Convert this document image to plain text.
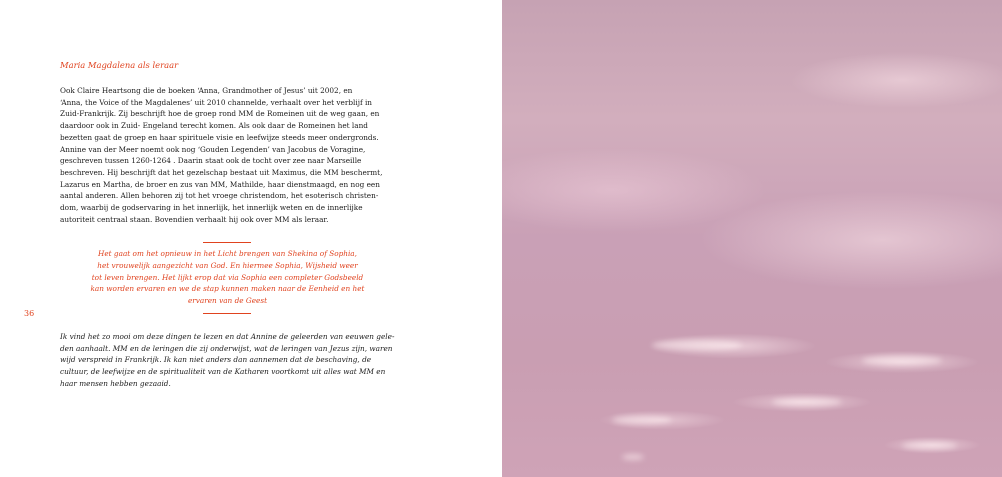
Maria Magdalena als leraar
Ook Claire Heartsong die de boeken ‘Anna, Grandmother of Jesus’ uit 2002, en
‘Anna, the Voice of the Magdalenes’ uit 2010 channelde, verhaalt over het verblijf in
Zuid-Frankrijk. Zij beschrijft hoe de groep rond MM de Romeinen uit de weg gaan, en
daardoor ook in Zuid- Engeland terecht komen. Als ook daar de Romeinen het land
bezetten gaat de groep en haar spirituele visie en leefwijze steeds meer ondergronds.
Annine van der Meer noemt ook nog ‘Gouden Legenden’ van Jacobus de Voragine,
geschreven tussen 1260-1264 . Daarin staat ook de tocht over zee naar Marseille
beschreven. Hij beschrijft dat het gezelschap bestaat uit Maximus, die MM beschermt,
Lazarus en Martha, de broer en zus van MM, Mathilde, haar dienstmaagd, en nog een
aantal anderen. Allen behoren zij tot het vroege christendom, het esoterisch christen-
dom, waarbij de godservaring in het innerlijk, het innerlijk weten en de innerlijke
autoriteit centraal staan. Bovendien verhaalt hij ook over MM als leraar.
Het gaat om het opnieuw in het Licht brengen van Shekina of Sophia,
het vrouwelijk aangezicht van God. En hiermee Sophia, Wijsheid weer
tot leven brengen. Het lijkt erop dat via Sophia een completer Godsbeeld
kan worden ervaren en we de stap kunnen maken naar de Eenheid en het
ervaren van de Geest
36
Ik vind het zo mooi om deze dingen te lezen en dat Annine de geleerden van eeuwen gele-
den aanhaalt. MM en de leringen die zij onderwijst, wat de leringen van Jezus zijn, waren
wijd verspreid in Frankrijk. Ik kan niet anders dan aannemen dat de beschaving, de
cultuur, de leefwijze en de spiritualiteit van de Katharen voortkomt uit alles wat MM en
haar mensen hebben gezaaid.
